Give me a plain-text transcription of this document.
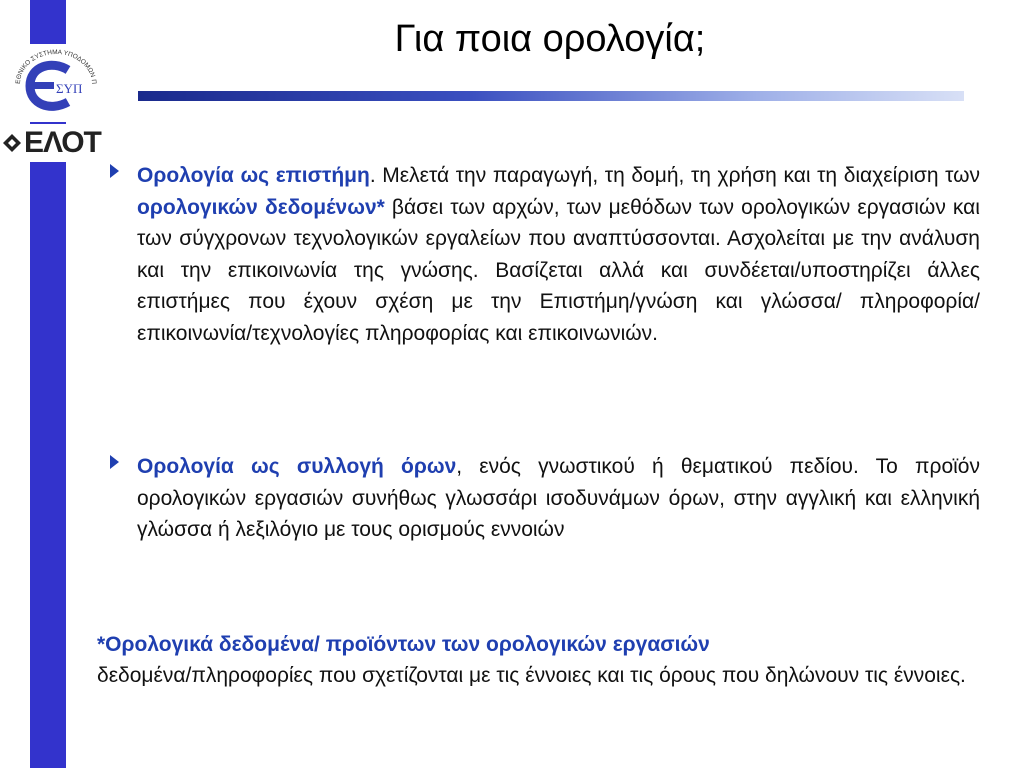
ΕΘΝΙΚΟ ΣΥΣΤΗΜΑ ΥΠΟΔΟΜΩΝ Π
ΣΥΠ
ΕΛΟΤ
Για ποια ορολογία;

Ορολογία ως επιστήμη. Μελετά την παραγωγή, τη δομή, τη χρήση και τη διαχείριση των ορολογικών δεδομένων* βάσει των αρχών, των μεθόδων των ορολογικών εργασιών και των σύγχρονων τεχνολογικών εργαλείων που αναπτύσσονται. Ασχολείται με την ανάλυση και την επικοινωνία της γνώσης. Βασίζεται αλλά και συνδέεται/υποστηρίζει άλλες επιστήμες που έχουν σχέση με την Επιστήμη/γνώση και γλώσσα/ πληροφορία/ επικοινωνία/τεχνολογίες πληροφορίας και επικοινωνιών.

Ορολογία ως συλλογή όρων, ενός γνωστικού ή θεματικού πεδίου. Το προϊόν ορολογικών εργασιών συνήθως γλωσσάρι ισοδυνάμων όρων, στην αγγλική και ελληνική γλώσσα ή λεξιλόγιο με τους ορισμούς εννοιών

*Ορολογικά δεδομένα/ προϊόντων των ορολογικών εργασιών

δεδομένα/πληροφορίες που σχετίζονται με τις έννοιες και τις όρους που δηλώνουν τις έννοιες.
